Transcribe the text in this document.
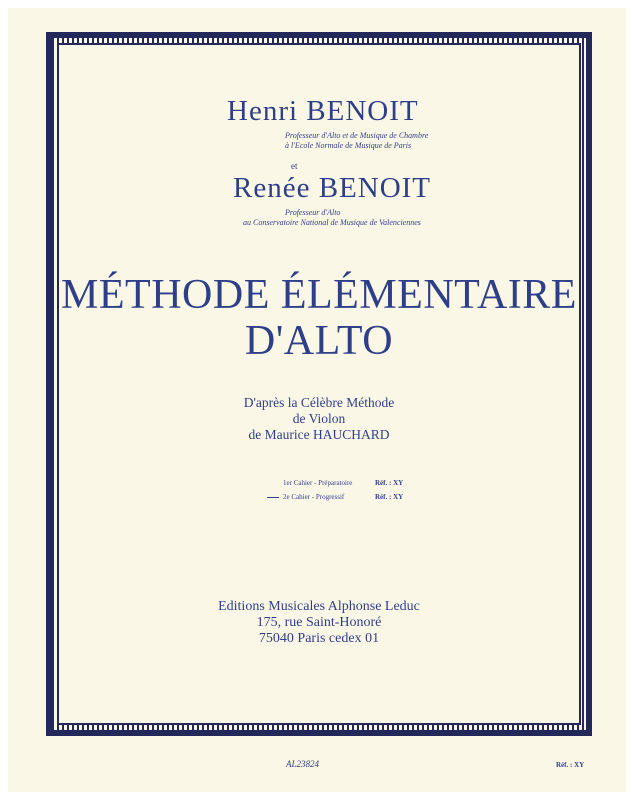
Henri BENOIT
Professeur d'Alto et de Musique de Chambre
à l'Ecole Normale de Musique de Paris
et
Renée BENOIT
Professeur d'Alto
au Conservatoire National de Musique de Valenciennes
MÉTHODE ÉLÉMENTAIRE
D'ALTO
D'après la Célèbre Méthode
de Violon
de Maurice HAUCHARD
1er Cahier - Préparatoire	Réf. : XY
2e Cahier - Progressif	Réf. : XY
Editions Musicales Alphonse Leduc
175, rue Saint-Honoré
75040 Paris cedex 01
AL23824	Réf. : XY
